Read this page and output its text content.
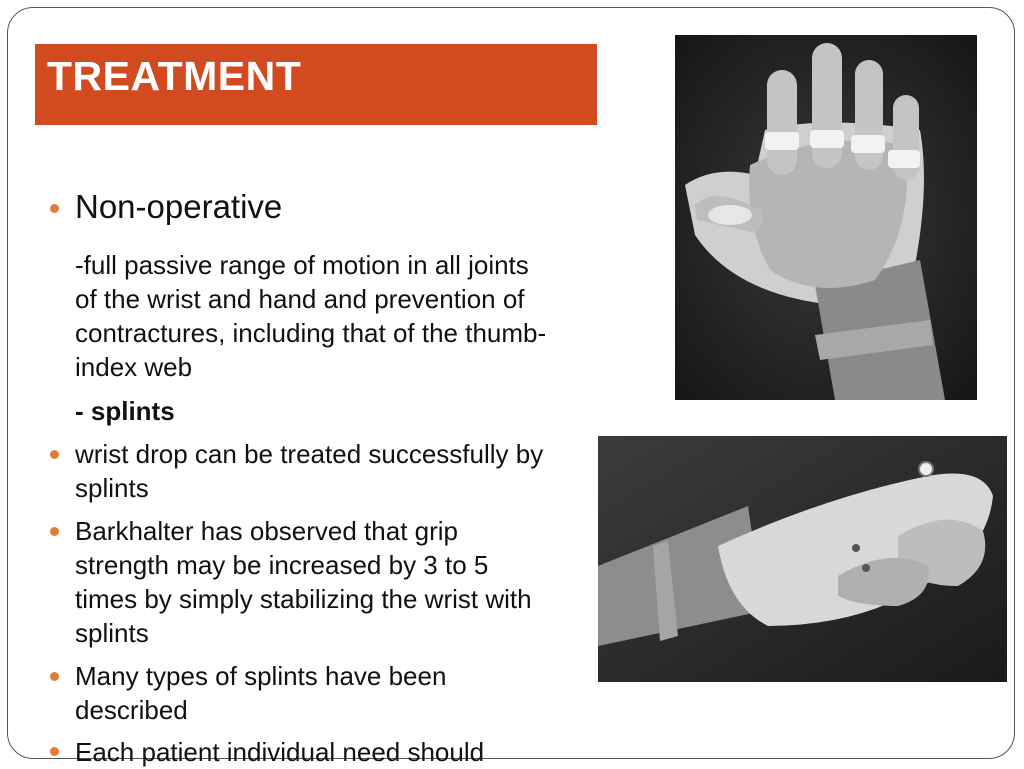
TREATMENT
Non-operative
-full passive range of motion in all joints of the wrist and hand and prevention of contractures, including that of the thumb-index web
- splints
wrist drop can be treated successfully by splints
Barkhalter has observed that grip strength may be increased by 3 to 5 times by simply stabilizing the wrist with splints
Many types of splints have been described
Each patient individual need should
